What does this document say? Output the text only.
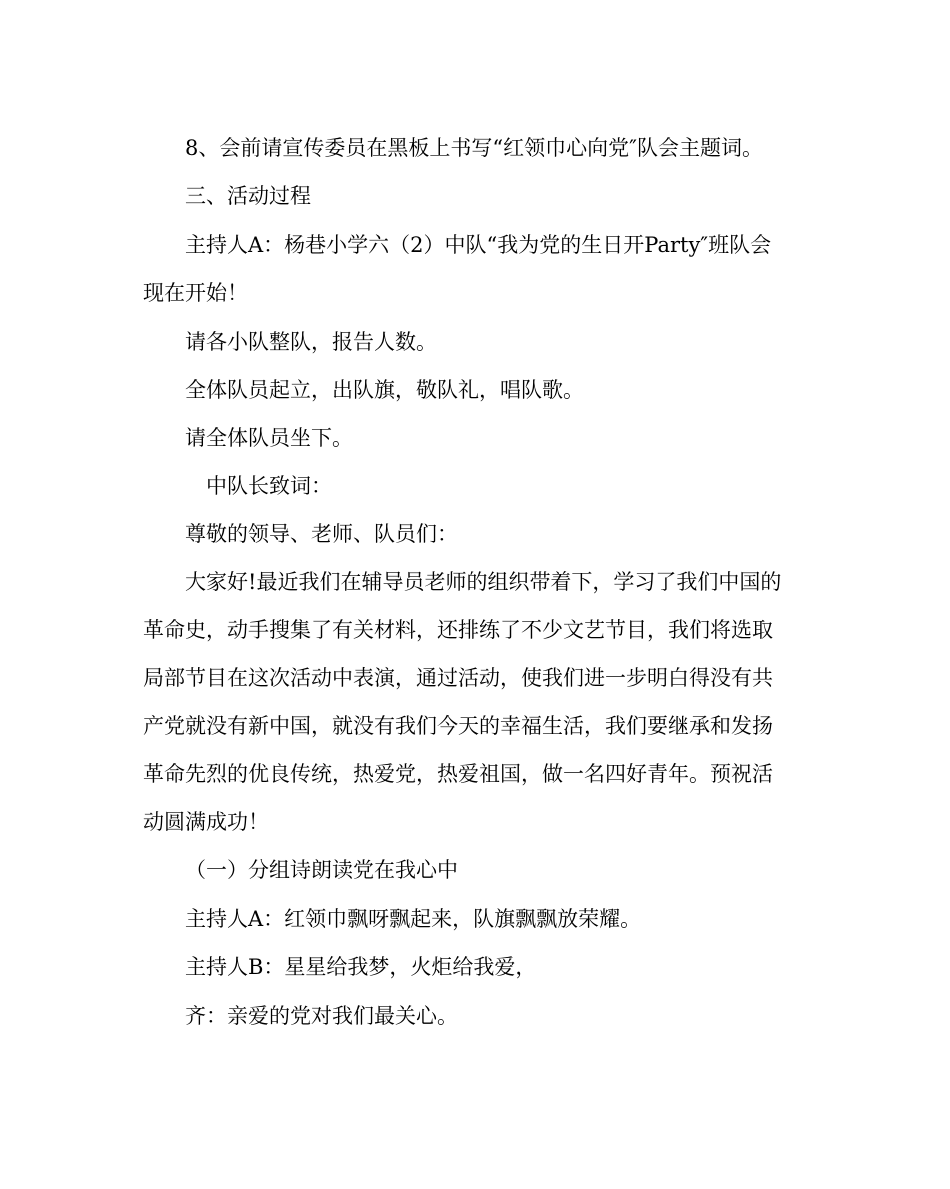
8、会前请宣传委员在黑板上书写“红领巾心向党″队会主题词。

三、活动过程

主持人A：杨巷小学六（2）中队“我为党的生日开Party″班队会
现在开始！

请各小队整队，报告人数。

全体队员起立，出队旗，敬队礼，唱队歌。

请全体队员坐下。

中队长致词：

尊敬的领导、老师、队员们：

大家好!最近我们在辅导员老师的组织带着下，学习了我们中国的
革命史，动手搜集了有关材料，还排练了不少文艺节目，我们将选取
局部节目在这次活动中表演，通过活动，使我们进一步明白得没有共
产党就没有新中国，就没有我们今天的幸福生活，我们要继承和发扬
革命先烈的优良传统，热爱党，热爱祖国，做一名四好青年。预祝活
动圆满成功！

（一）分组诗朗读党在我心中

主持人A：红领巾飘呀飘起来，队旗飘飘放荣耀。

主持人B：星星给我梦，火炬给我爱，

齐：亲爱的党对我们最关心。
